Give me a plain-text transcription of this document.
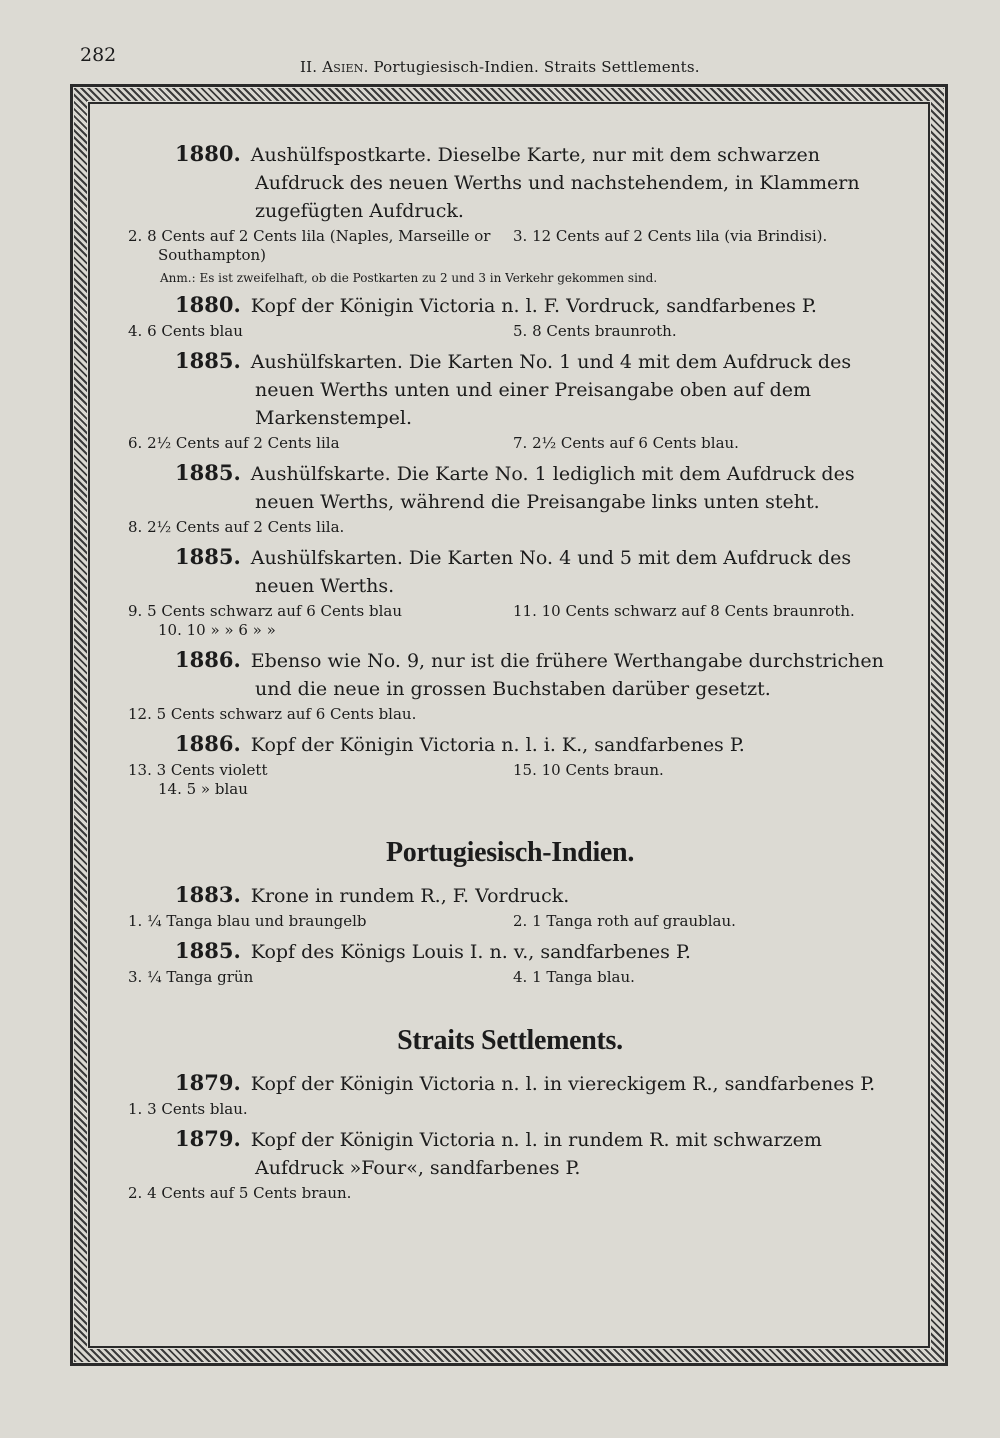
282
II. Asien. Portugiesisch-Indien. Straits Settlements.

1880. Aushülfspostkarte. Dieselbe Karte, nur mit dem schwarzen Aufdruck des neuen Werths und nachstehendem, in Klammern zugefügten Aufdruck.

2. 8 Cents auf 2 Cents lila (Naples, Marseille or Southampton)
3. 12 Cents auf 2 Cents lila (via Brindisi).
Anm.: Es ist zweifelhaft, ob die Postkarten zu 2 und 3 in Verkehr gekommen sind.

1880. Kopf der Königin Victoria n. l. F. Vordruck, sandfarbenes P.

4. 6 Cents blau	5. 8 Cents braunroth.

1885. Aushülfskarten. Die Karten No. 1 und 4 mit dem Aufdruck des neuen Werths unten und einer Preisangabe oben auf dem Markenstempel.

6. 2½ Cents auf 2 Cents lila	7. 2½ Cents auf 6 Cents blau.

1885. Aushülfskarte. Die Karte No. 1 lediglich mit dem Aufdruck des neuen Werths, während die Preisangabe links unten steht.

8. 2½ Cents auf 2 Cents lila.

1885. Aushülfskarten. Die Karten No. 4 und 5 mit dem Aufdruck des neuen Werths.

9. 5 Cents schwarz auf 6 Cents blau
10. 10 » » 6 » »
11. 10 Cents schwarz auf 8 Cents braunroth.

1886. Ebenso wie No. 9, nur ist die frühere Werthangabe durchstrichen und die neue in grossen Buchstaben darüber gesetzt.

12. 5 Cents schwarz auf 6 Cents blau.

1886. Kopf der Königin Victoria n. l. i. K., sandfarbenes P.

13. 3 Cents violett
14. 5 » blau
15. 10 Cents braun.
Portugiesisch-Indien.

1883. Krone in rundem R., F. Vordruck.

1. ¼ Tanga blau und braungelb	2. 1 Tanga roth auf graublau.

1885. Kopf des Königs Louis I. n. v., sandfarbenes P.

3. ¼ Tanga grün	4. 1 Tanga blau.
Straits Settlements.

1879. Kopf der Königin Victoria n. l. in viereckigem R., sandfarbenes P.

1. 3 Cents blau.

1879. Kopf der Königin Victoria n. l. in rundem R. mit schwarzem Aufdruck »Four«, sandfarbenes P.

2. 4 Cents auf 5 Cents braun.
